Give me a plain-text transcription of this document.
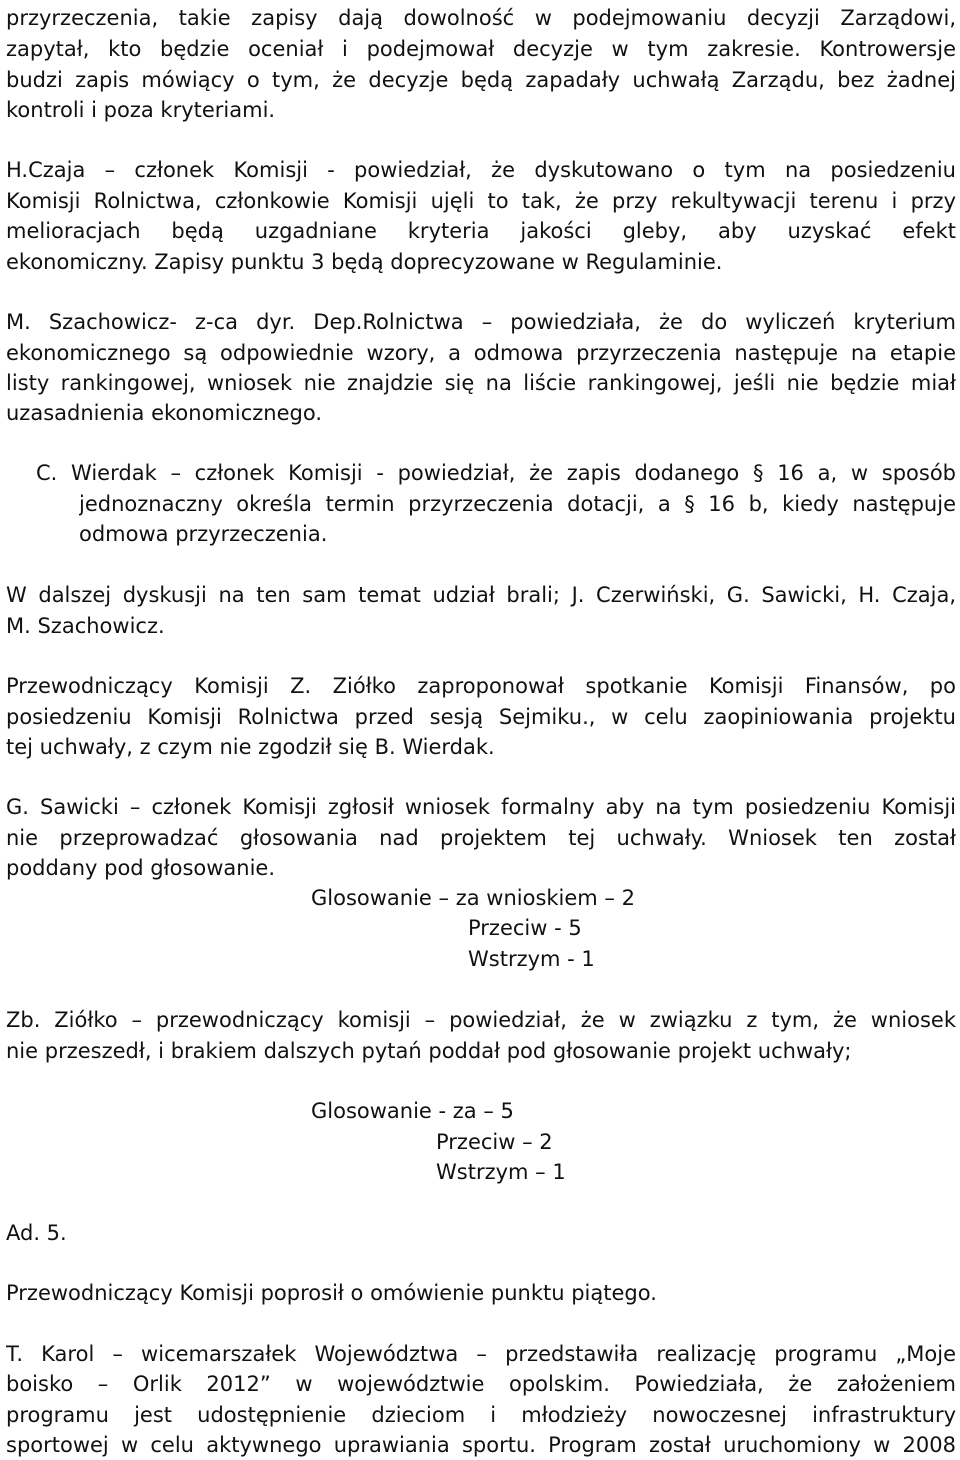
przyrzeczenia, takie zapisy dają dowolność w podejmowaniu decyzji Zarządowi,
zapytał, kto będzie oceniał i podejmował decyzje w tym zakresie. Kontrowersje
budzi zapis mówiący o tym, że decyzje będą zapadały uchwałą Zarządu, bez żadnej
kontroli i poza kryteriami.
H.Czaja – członek Komisji - powiedział, że dyskutowano o tym na posiedzeniu
Komisji Rolnictwa, członkowie Komisji ujęli to tak, że przy rekultywacji terenu i przy
melioracjach będą uzgadniane kryteria jakości gleby, aby uzyskać efekt
ekonomiczny. Zapisy punktu 3 będą doprecyzowane w Regulaminie.
M. Szachowicz- z-ca dyr. Dep.Rolnictwa – powiedziała, że do wyliczeń kryterium
ekonomicznego są odpowiednie wzory, a odmowa przyrzeczenia następuje na etapie
listy rankingowej, wniosek nie znajdzie się na liście rankingowej, jeśli nie będzie miał
uzasadnienia ekonomicznego.
C. Wierdak – członek Komisji - powiedział, że zapis dodanego § 16 a, w sposób
jednoznaczny określa termin przyrzeczenia dotacji, a § 16 b, kiedy następuje
odmowa przyrzeczenia.
W dalszej dyskusji na ten sam temat udział brali; J. Czerwiński, G. Sawicki, H. Czaja,
M. Szachowicz.
Przewodniczący Komisji Z. Ziółko zaproponował spotkanie Komisji Finansów, po
posiedzeniu Komisji Rolnictwa przed sesją Sejmiku., w celu zaopiniowania projektu
tej uchwały, z czym nie zgodził się B. Wierdak.
G. Sawicki – członek Komisji zgłosił wniosek formalny aby na tym posiedzeniu Komisji
nie przeprowadzać głosowania nad projektem tej uchwały. Wniosek ten został
poddany pod głosowanie.
Glosowanie – za wnioskiem – 2
Przeciw - 5
Wstrzym - 1
Zb. Ziółko – przewodniczący komisji – powiedział, że w związku z tym, że wniosek
nie przeszedł, i brakiem dalszych pytań poddał pod głosowanie projekt uchwały;
Glosowanie - za – 5
Przeciw – 2
Wstrzym – 1
Ad. 5.
Przewodniczący Komisji poprosił o omówienie punktu piątego.
T. Karol – wicemarszałek Województwa – przedstawiła realizację programu „Moje
boisko – Orlik 2012” w województwie opolskim. Powiedziała, że założeniem
programu jest udostępnienie dzieciom i młodzieży nowoczesnej infrastruktury
sportowej w celu aktywnego uprawiania sportu. Program został uruchomiony w 2008
